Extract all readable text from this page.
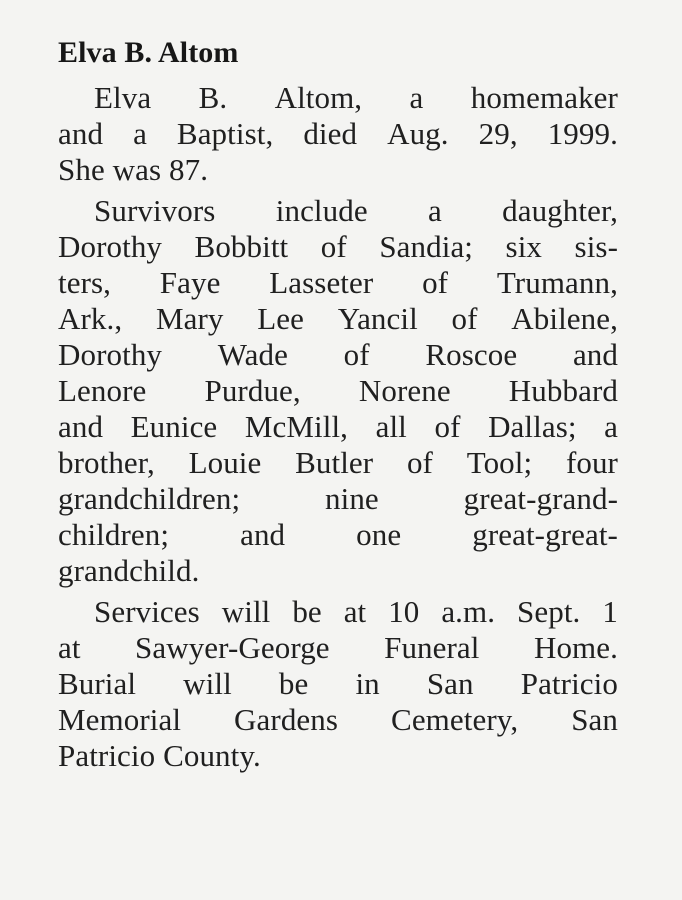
Elva B. Altom
Elva B. Altom, a homemaker
and a Baptist, died Aug. 29, 1999.
She was 87.
Survivors include a daughter,
Dorothy Bobbitt of Sandia; six sis-
ters, Faye Lasseter of Trumann,
Ark., Mary Lee Yancil of Abilene,
Dorothy Wade of Roscoe and
Lenore Purdue, Norene Hubbard
and Eunice McMill, all of Dallas; a
brother, Louie Butler of Tool; four
grandchildren;	nine	great-grand-
children; and one great-great-
grandchild.
Services will be at 10 a.m. Sept. 1
at Sawyer-George Funeral Home.
Burial will be in San Patricio
Memorial Gardens Cemetery, San
Patricio County.
